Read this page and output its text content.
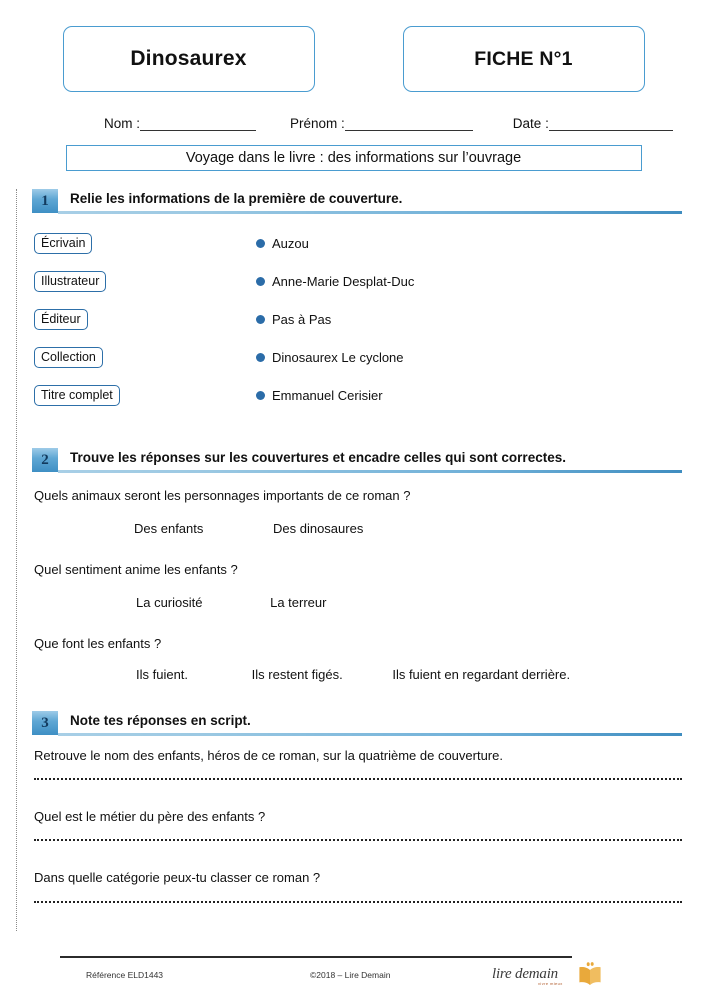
Dinosaurex	FICHE N°1
Nom :	Prénom :	Date :
Voyage dans le livre : des informations sur l’ouvrage
1	Relie les informations de la première de couverture.
Écrivain	Auzou
Illustrateur	Anne-Marie Desplat-Duc
Éditeur	Pas à Pas
Collection	Dinosaurex Le cyclone
Titre complet	Emmanuel Cerisier
2	Trouve les réponses sur les couvertures et encadre celles qui sont correctes.
Quels animaux seront les personnages importants de ce roman ?
Des enfants	Des dinosaures
Quel sentiment anime les enfants ?
La curiosité	La terreur
Que font les enfants ?
Ils fuient.	Ils restent figés.	Ils fuient en regardant derrière.
3	Note tes réponses en script.
Retrouve le nom des enfants, héros de ce roman, sur la quatrième de couverture.
Quel est le métier du père des enfants ?
Dans quelle catégorie peux-tu classer ce roman ?
Référence ELD1443	©2018 – Lire Demain	lire demain
vivre mieux
